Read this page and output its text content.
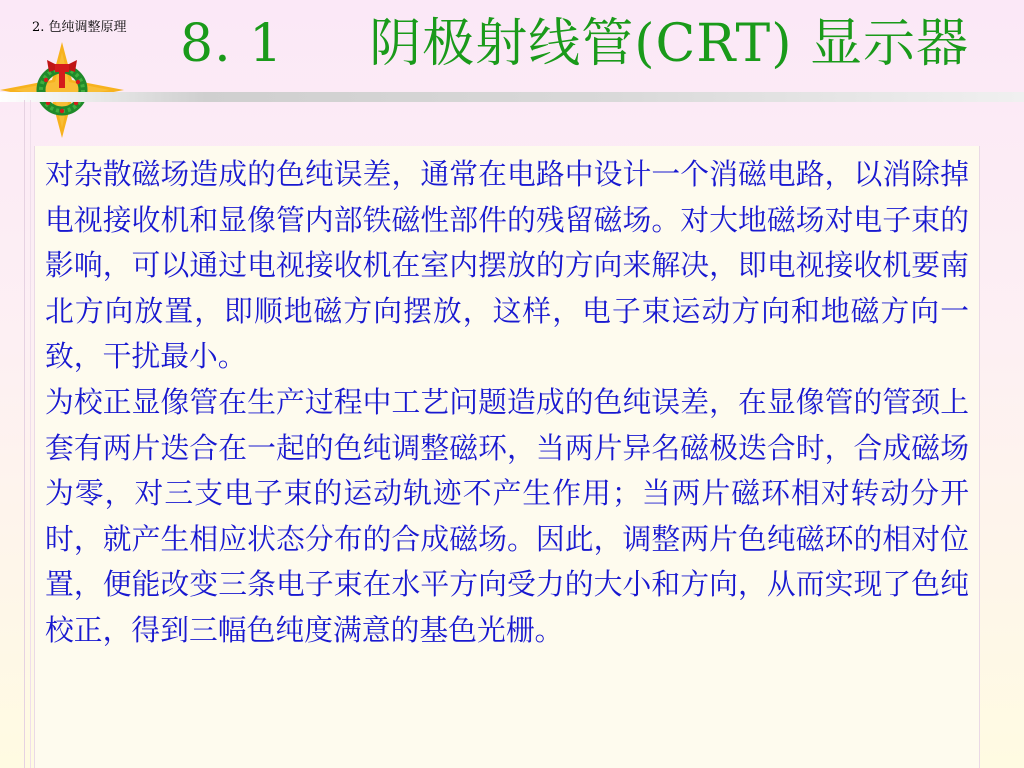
2. 色纯调整原理 8. 1 阴极射线管(CRT) 显示器

对杂散磁场造成的色纯误差，通常在电路中设计一个消磁电路，以消除掉电视接收机和显像管内部铁磁性部件的残留磁场。对大地磁场对电子束的影响，可以通过电视接收机在室内摆放的方向来解决，即电视接收机要南北方向放置，即顺地磁方向摆放，这样，电子束运动方向和地磁方向一致，干扰最小。

为校正显像管在生产过程中工艺问题造成的色纯误差，在显像管的管颈上套有两片迭合在一起的色纯调整磁环，当两片异名磁极迭合时，合成磁场为零，对三支电子束的运动轨迹不产生作用；当两片磁环相对转动分开时，就产生相应状态分布的合成磁场。因此，调整两片色纯磁环的相对位置，便能改变三条电子束在水平方向受力的大小和方向，从而实现了色纯校正，得到三幅色纯度满意的基色光栅。
